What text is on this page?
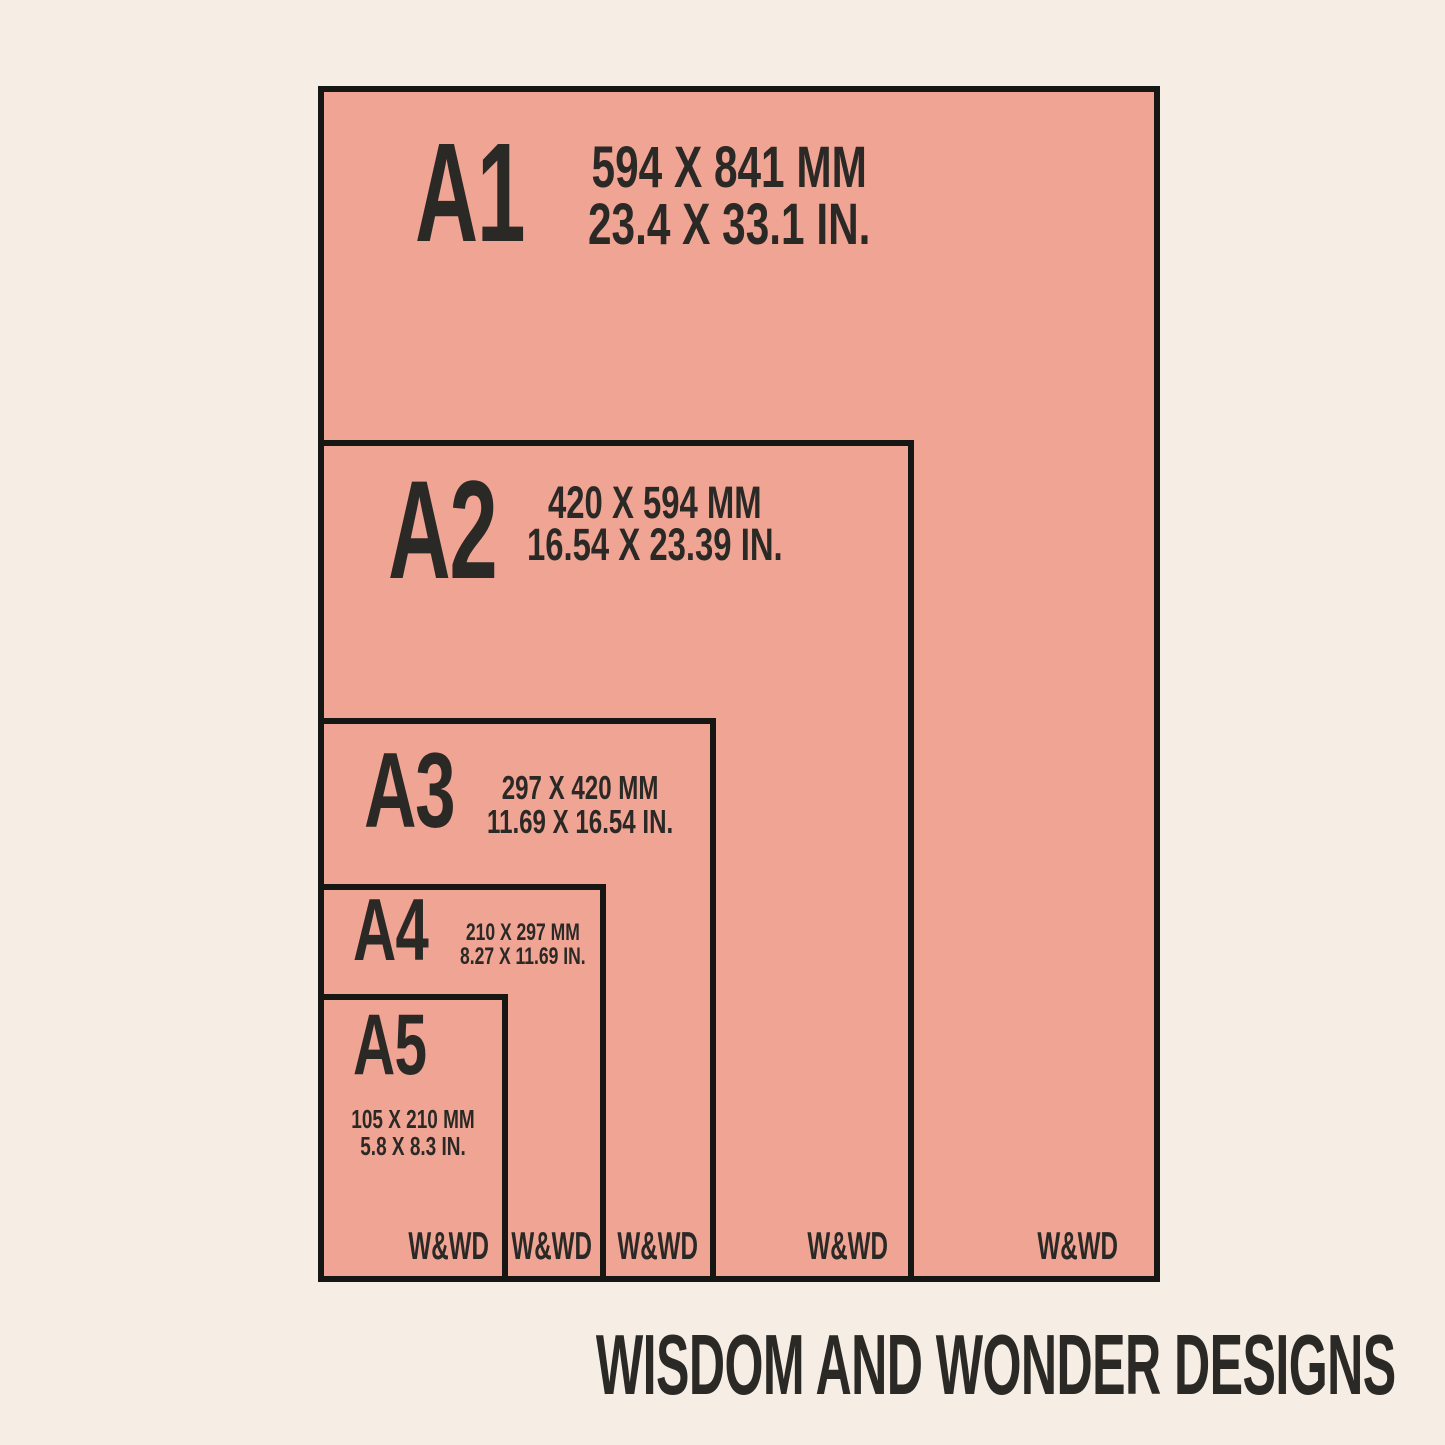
A1 594 X 841 MM
23.4 X 33.1 IN.
W&WD
A2	420 X 594 MM
16.54 X 23.39 IN.
W&WD
A3	297 X 420 MM
11.69 X 16.54 IN.
W&WD
A4 210 X 297 MM
8.27 X 11.69 IN.
W&WD
A5
105 X 210 MM
5.8 X 8.3 IN.
W&WD
WISDOM AND WONDER DESIGNS
